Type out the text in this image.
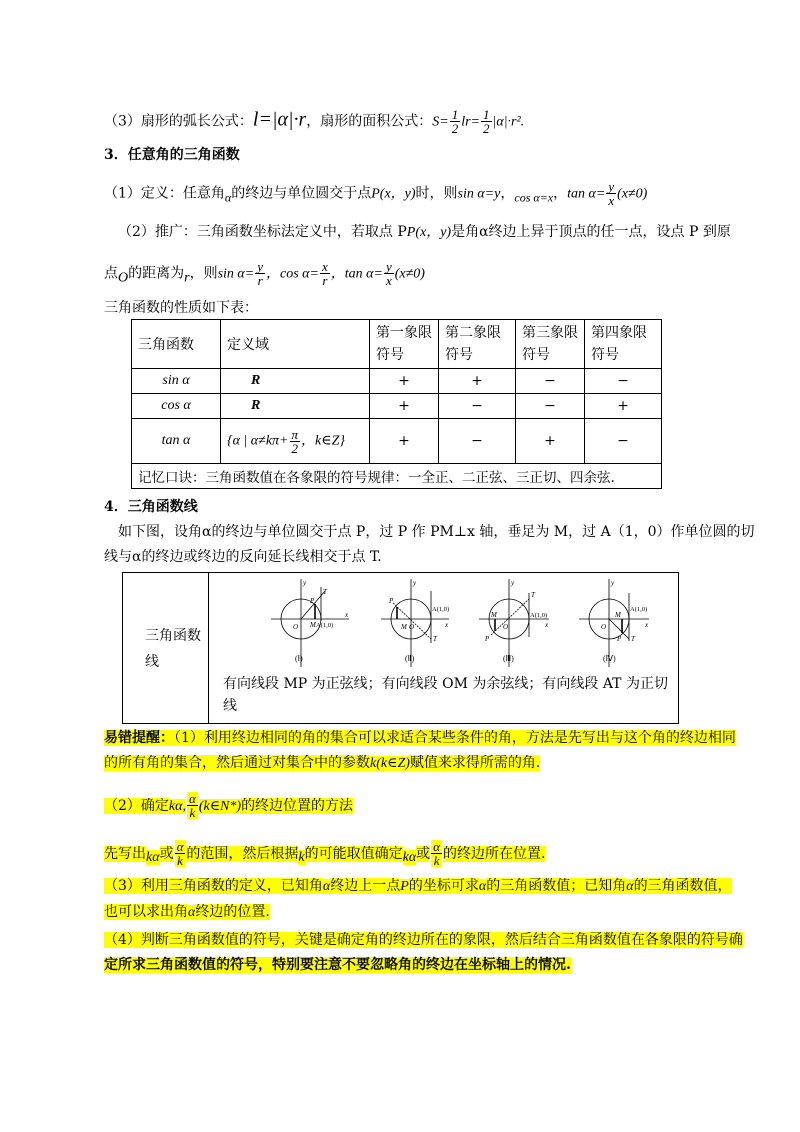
（3）扇形的弧长公式：l=|α|·r，扇形的面积公式：$S= \frac{1}{2} lr= \frac{1}{2} |\alpha|\cdot r^2$.
3．任意角的三角函数
（1）定义：任意角α的终边与单位圆交于点P(x，y)时，则sin α=y，cos α=x，$\tan \alpha= \frac{y}{x} (x\ne 0)$
（2）推广：三角函数坐标法定义中，若取点 PP(x，y)是角α终边上异于顶点的任一点，设点 P 到原
点O的距离为r，则$\sin \alpha= \frac{y}{r}$ ，$\cos \alpha= \frac{x}{r}$ ，$\tan \alpha= \frac{y}{x} (x\ne 0)$
三角函数的性质如下表：
三角函数	定义域	第一象限符号	第二象限符号	第三象限符号	第四象限符号
sin α	R	+	+	−	−
cos α	R	+	−	−	+
tan α	{α | $\alpha\ne k\pi+ \frac{\pi}{2}$ ，k∈Z}	+	−	+	−
记忆口诀：三角函数值在各象限的符号规律：一全正、二正弦、三正切、四余弦.					
4．三角函数线
如下图，设角α的终边与单位圆交于点 P，过 P 作 PM⊥x 轴，垂足为 M，过 A（1，0）作单位圆的切
线与α的终边或终边的反向延长线相交于点 T.
三角函数线
y
x
O
T
P
M A(1,0)
(Ⅰ)
y
x
M O
P
T
A(1,0)
(Ⅱ)
y
x
M
O
P
T
A(1,0)
(Ⅲ)
y
x
O
M
P T
A(1,0)
(Ⅳ)
有向线段 MP 为正弦线；有向线段 OM 为余弦线；有向线段 AT 为正切线
易错提醒：（1）利用终边相同的角的集合可以求适合某些条件的角，方法是先写出与这个角的终边相同
的所有角的集合，然后通过对集合中的参数k(k∈Z)赋值来求得所需的角.
（2）确定kα, $\frac{\alpha}{k}$ (k∈N*)的终边位置的方法
先写出kα或 $\frac{\alpha}{k}$ 的范围，然后根据k的可能取值确定kα或 $\frac{\alpha}{k}$ 的终边所在位置.
（3）利用三角函数的定义，已知角α终边上一点P的坐标可求α的三角函数值；已知角α的三角函数值，
也可以求出角α终边的位置.
（4）判断三角函数值的符号，关键是确定角的终边所在的象限，然后结合三角函数值在各象限的符号确
定所求三角函数值的符号，特别要注意不要忽略角的终边在坐标轴上的情况.
